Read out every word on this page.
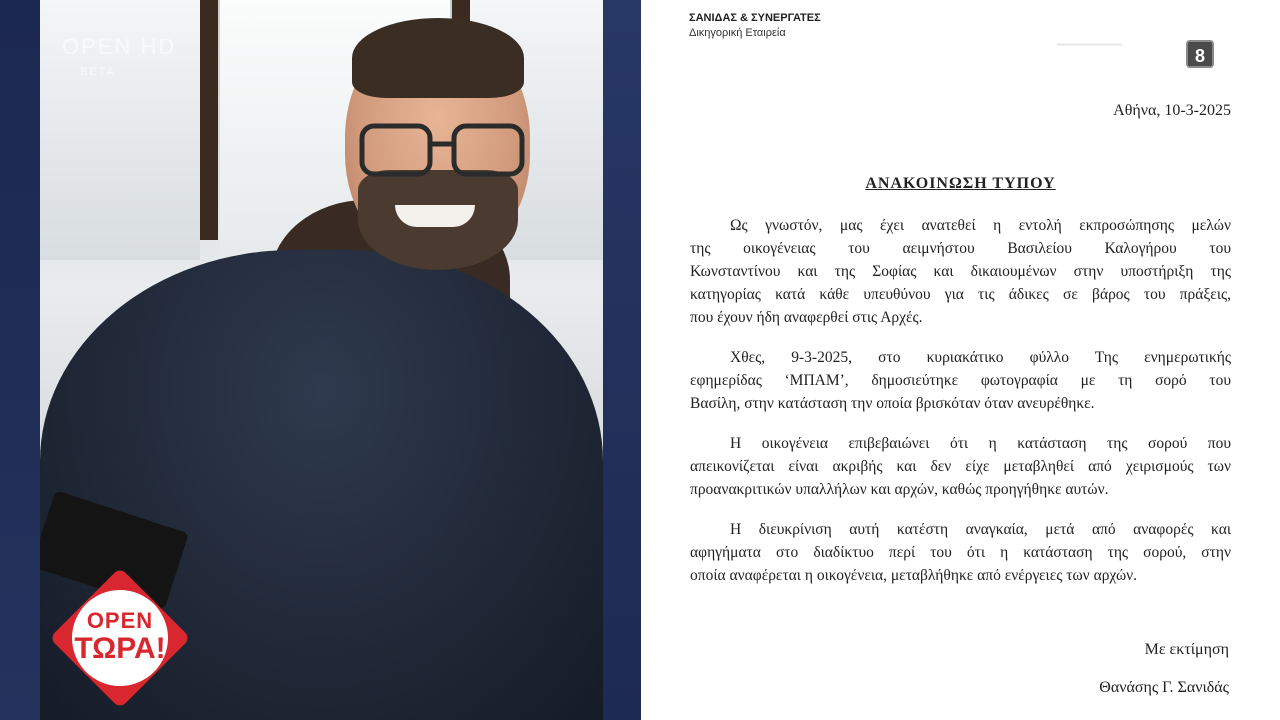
ΟΡΕΝ HD
BETA
OPEN
ΤΩΡΑ!
ΣΑΝΙΔΑΣ & ΣΥΝΕΡΓΑΤΕΣ
Δικηγορική Εταιρεία
▔▔▔▔▔▔▔	8
Αθήνα, 10-3-2025
ΑΝΑΚΟΙΝΩΣΗ ΤΥΠΟΥ
Ως γνωστόν, μας έχει ανατεθεί η εντολή εκπροσώπησης μελών
της οικογένειας του αειμνήστου Βασιλείου Καλογήρου του
Κωνσταντίνου και της Σοφίας και δικαιουμένων στην υποστήριξη της
κατηγορίας κατά κάθε υπευθύνου για τις άδικες σε βάρος του πράξεις,
που έχουν ήδη αναφερθεί στις Αρχές.
Χθες, 9-3-2025, στο κυριακάτικο φύλλο Της ενημερωτικής
εφημερίδας ‘ΜΠΑΜ’, δημοσιεύτηκε φωτογραφία με τη σορό του
Βασίλη, στην κατάσταση την οποία βρισκόταν όταν ανευρέθηκε.
Η οικογένεια επιβεβαιώνει ότι η κατάσταση της σορού που
απεικονίζεται είναι ακριβής και δεν είχε μεταβληθεί από χειρισμούς των
προανακριτικών υπαλλήλων και αρχών, καθώς προηγήθηκε αυτών.
Η διευκρίνιση αυτή κατέστη αναγκαία, μετά από αναφορές και
αφηγήματα στο διαδίκτυο περί του ότι η κατάσταση της σορού, στην
οποία αναφέρεται η οικογένεια, μεταβλήθηκε από ενέργειες των αρχών.
Με εκτίμηση
Θανάσης Γ. Σανιδάς
